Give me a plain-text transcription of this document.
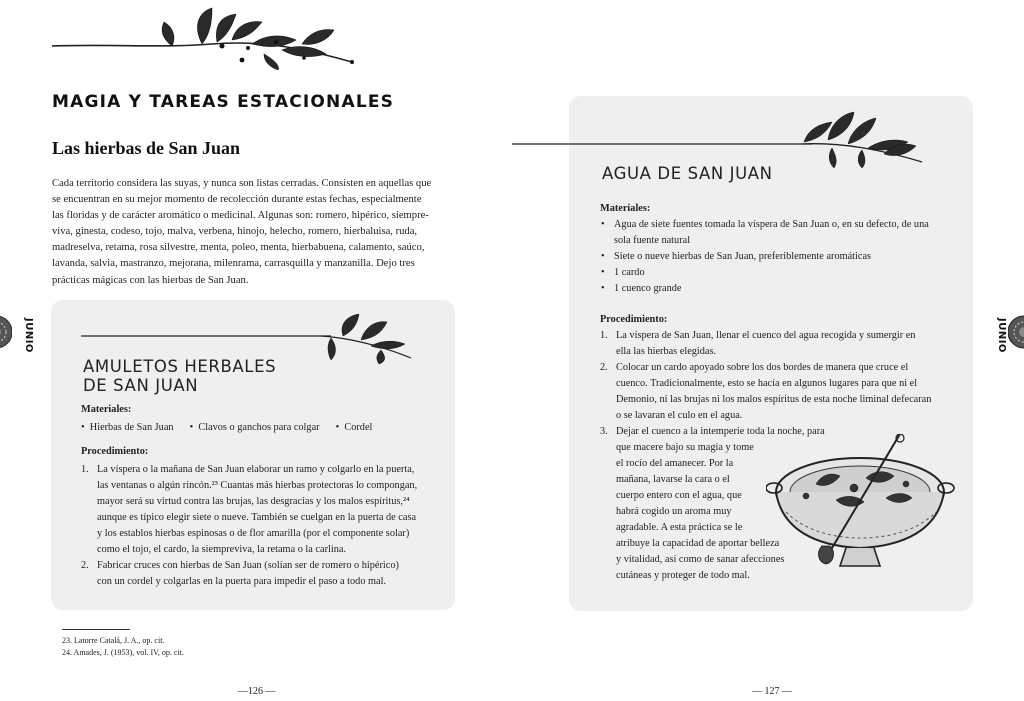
MAGIA Y TAREAS ESTACIONALES
Las hierbas de San Juan
Cada territorio considera las suyas, y nunca son listas cerradas. Consisten en aquellas que
se encuentran en su mejor momento de recolección durante estas fechas, especialmente
las floridas y de carácter aromático o medicinal. Algunas son: romero, hipérico, siempre-
viva, ginesta, codeso, tojo, malva, verbena, hinojo, helecho, romero, hierbaluisa, ruda,
madreselva, retama, rosa silvestre, menta, poleo, menta, hierbabuena, calamento, saúco,
lavanda, salvia, mastranzo, mejorana, milenrama, carrasquilla y manzanilla. Dejo tres
prácticas mágicas con las hierbas de San Juan.
AMULETOS HERBALES
DE SAN JUAN
Materiales:
•  Hierbas de San Juan •  Clavos o ganchos para colgar •  Cordel
Procedimiento:
1. La víspera o la mañana de San Juan elaborar un ramo y colgarlo en la puerta,
las ventanas o algún rincón.²³ Cuantas más hierbas protectoras lo compongan,
mayor será su virtud contra las brujas, las desgracias y los malos espíritus,²⁴
aunque es típico elegir siete o nueve. También se cuelgan en la puerta de casa
y los establos hierbas espinosas o de flor amarilla (por el componente solar)
como el tojo, el cardo, la siempreviva, la retama o la carlina.
2. Fabricar cruces con hierbas de San Juan (solían ser de romero o hipérico)
con un cordel y colgarlas en la puerta para impedir el paso a todo mal.
23. Latorre Catalá, J. A., op. cit.
24. Amades, J. (1953), vol. IV, op. cit.
—126 —
JUNIO
AGUA DE SAN JUAN
Materiales:
• Agua de siete fuentes tomada la víspera de San Juan o, en su defecto, de una
sola fuente natural
• Siete o nueve hierbas de San Juan, preferiblemente aromáticas
• 1 cardo
• 1 cuenco grande
Procedimiento:
1. La víspera de San Juan, llenar el cuenco del agua recogida y sumergir en
ella las hierbas elegidas.
2. Colocar un cardo apoyado sobre los dos bordes de manera que cruce el
cuenco. Tradicionalmente, esto se hacía en algunos lugares para que ni el
Demonio, ni las brujas ni los malos espíritus de esta noche liminal defecaran
o se lavaran el culo en el agua.
3. Dejar el cuenco a la intemperie toda la noche, para
que macere bajo su magia y tome
el rocío del amanecer. Por la
mañana, lavarse la cara o el
cuerpo entero con el agua, que
habrá cogido un aroma muy
agradable. A esta práctica se le
atribuye la capacidad de aportar belleza
y vitalidad, así como de sanar afecciones
cutáneas y proteger de todo mal.
— 127 —
JUNIO
